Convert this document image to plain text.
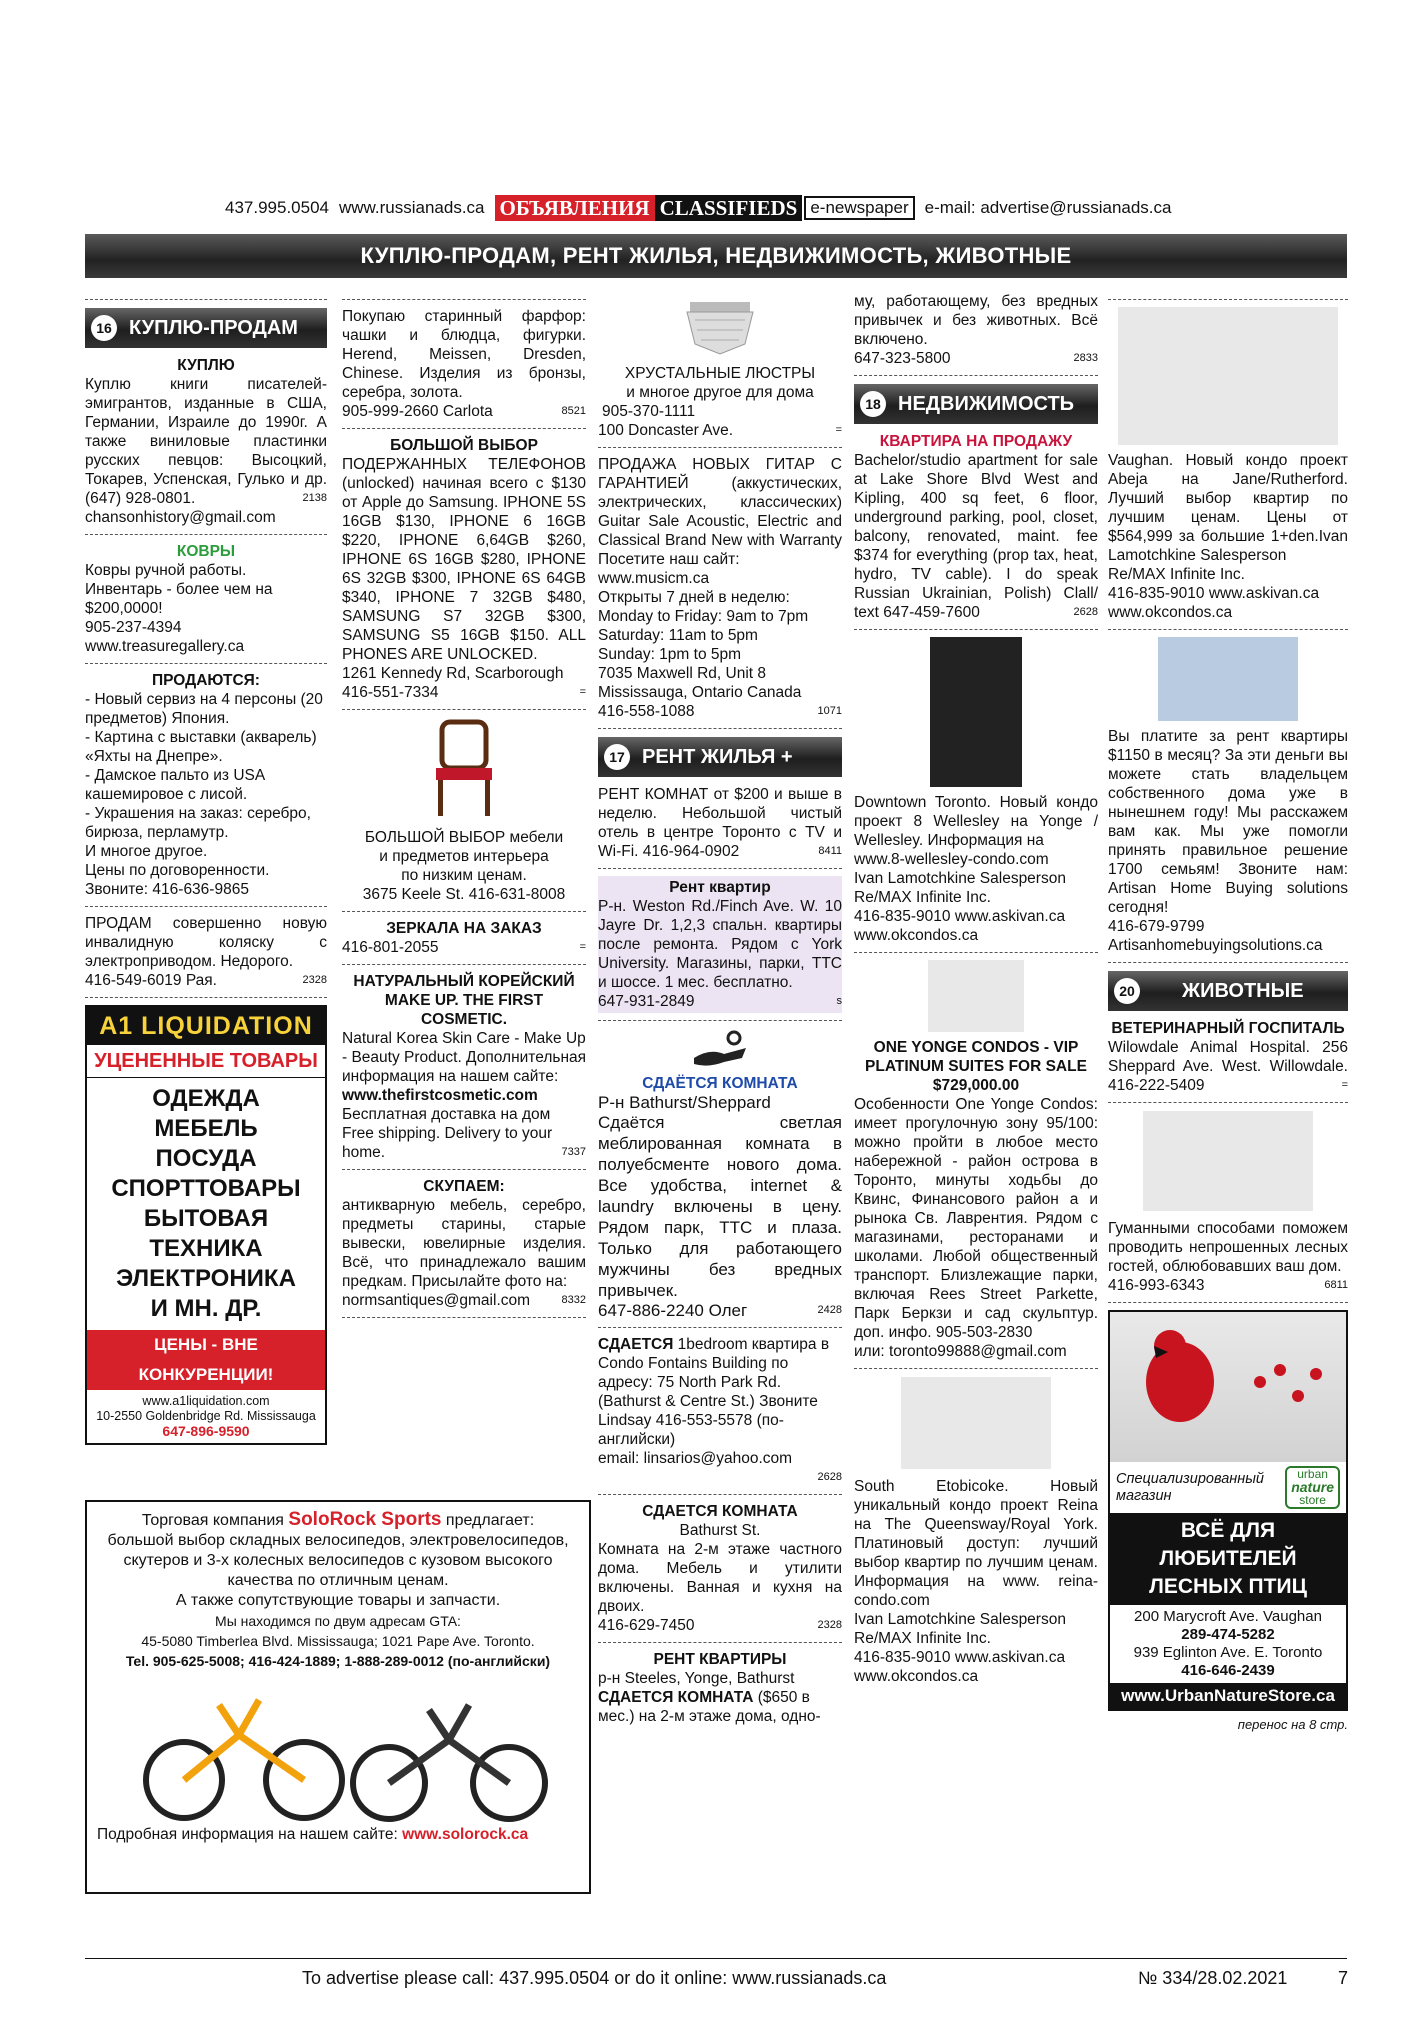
437.995.0504 www.russianads.ca ОБЪЯВЛЕНИЯ CLASSIFIEDS e-newspaper e-mail: advertise@russianads.ca
КУПЛЮ-ПРОДАМ, РЕНТ ЖИЛЬЯ, НЕДВИЖИМОСТЬ, ЖИВОТНЫЕ
16 КУПЛЮ-ПРОДАМ
КУПЛЮ
Куплю книги писателей-эмигрантов, изданные в США, Германии, Израиле до 1990г. А также виниловые пластинки русских певцов: Высоцкий, Токарев, Успенская, Гулько и др. (647) 928-0801.	2138
chansonhistory@gmail.com
КОВРЫ
Ковры ручной работы. Инвентарь - более чем на $200,0000!
905-237-4394
www.treasuregallery.ca
ПРОДАЮТСЯ:
- Новый сервиз на 4 персоны (20 предметов) Япония.
- Картина с выставки (акварель) «Яхты на Днепре».
- Дамское пальто из USA кашемировое с лисой.
- Украшения на заказ: серебро, бирюза, перламутр.
И многое другое.
Цены по договоренности.
Звоните: 416-636-9865
ПРОДАМ совершенно новую инвалидную коляску с электроприводом. Недорого.
416-549-6019 Рая.	2328
A1 LIQUIDATION
УЦЕНЕННЫЕ ТОВАРЫ
ОДЕЖДА
МЕБЕЛЬ
ПОСУДА
СПОРТТОВАРЫ
БЫТОВАЯ ТЕХНИКА
ЭЛЕКТРОНИКА
И МН. ДР.
ЦЕНЫ - ВНЕ КОНКУРЕНЦИИ!
www.a1liquidation.com
10-2550 Goldenbridge Rd. Mississauga
647-896-9590
Покупаю старинный фарфор: чашки и блюдца, фигурки. Herend, Meissen, Dresden, Chinese. Изделия из бронзы, серебра, золота.
905-999-2660 Carlota	8521
БОЛЬШОЙ ВЫБОР
ПОДЕРЖАННЫХ ТЕЛЕФОНОВ (unlocked) начиная всего с $130 от Apple до Samsung. IPHONE 5S 16GB $130, IPHONE 6 16GB $220, IPHONE 6,64GB $260, IPHONE 6S 16GB $280, IPHONE 6S 32GB $300, IPHONE 6S 64GB $340, IPHONE 7 32GB $480, SAMSUNG S7 32GB $300, SAMSUNG S5 16GB $150. ALL PHONES ARE UNLOCKED.
1261 Kennedy Rd, Scarborough
416-551-7334	=
БОЛЬШОЙ ВЫБОР мебели
и предметов интерьера
по низким ценам.
3675 Keele St. 416-631-8008
ЗЕРКАЛА НА ЗАКАЗ
416-801-2055	=
НАТУРАЛЬНЫЙ КОРЕЙСКИЙ MAKE UP. THE FIRST COSMETIC.
Natural Korea Skin Care - Make Up - Beauty Product. Дополнительная информация на нашем сайте:
www.thefirstcosmetic.com
Бесплатная доставка на дом Free shipping. Delivery to your home.	7337
СКУПАЕМ:
антикварную мебель, серебро, предметы старины, старые вывески, ювелирные изделия. Всё, что принадлежало вашим предкам. Присылайте фото на:
normsantiques@gmail.com	8332
Торговая компания SoloRock Sports предлагает:
большой выбор складных велосипедов, электровелосипедов, скутеров и 3-х колесных велосипедов с кузовом высокого качества по отличным ценам.
А также сопутствующие товары и запчасти.
Мы находимся по двум адресам GTA:
45-5080 Timberlea Blvd. Mississauga; 1021 Pape Ave. Toronto.
Tel. 905-625-5008; 416-424-1889; 1-888-289-0012 (по-английски)
Подробная информация на нашем сайте: www.solorock.ca
ХРУСТАЛЬНЫЕ ЛЮСТРЫ
и многое другое для дома
905-370-1111
100 Doncaster Ave.	=
ПРОДАЖА НОВЫХ ГИТАР С ГАРАНТИЕЙ (аккустических, электрических, классических) Guitar Sale Acoustic, Electric and Classical Brand New with Warranty Посетите наш сайт:
www.musicm.ca
Открыты 7 дней в неделю:
Monday to Friday: 9am to 7pm
Saturday: 11am to 5pm
Sunday: 1pm to 5pm
7035 Maxwell Rd, Unit 8
Mississauga, Ontario Canada
416-558-1088	1071
17 РЕНТ ЖИЛЬЯ +
РЕНТ КОМНАТ от $200 и выше в неделю. Небольшой чистый отель в центре Торонто с TV и Wi-Fi. 416-964-0902	8411
Рент квартир
Р-н. Weston Rd./Finch Ave. W. 10 Jayre Dr. 1,2,3 спальн. квартиры после ремонта. Рядом с York University. Магазины, парки, TTC и шоссе. 1 мес. бесплатно.
647-931-2849	s
СДАЁТСЯ КОМНАТА
Р-н Bathurst/Sheppard
Сдаётся светлая меблированная комната в полуебсменте нового дома. Все удобства, internet & laundry включены в цену. Рядом парк, TTC и плаза. Только для работающего мужчины без вредных привычек.
647-886-2240 Олег	2428
СДАЕТСЯ 1bedroom квартира в Condo Fontains Building по адресу: 75 North Park Rd. (Bathurst & Centre St.) Звоните Lindsay 416-553-5578 (по-английски)
email: linsarios@yahoo.com
2628
СДАЕТСЯ КОМНАТА
Bathurst St.
Комната на 2-м этаже частного дома. Мебель и утилити включены. Ванная и кухня на двоих.
416-629-7450	2328
РЕНТ КВАРТИРЫ
р-н Steeles, Yonge, Bathurst
СДАЕТСЯ КОМНАТА ($650 в мес.) на 2-м этаже дома, одно-
му, работающему, без вредных привычек и без животных. Всё включено.
647-323-5800	2833
18 НЕДВИЖИМОСТЬ
КВАРТИРА НА ПРОДАЖУ
Bachelor/studio apartment for sale at Lake Shore Blvd West and Kipling, 400 sq feet, 6 floor, underground parking, pool, closet, balcony, renovated, maint. fee $374 for everything (prop tax, heat, hydro, TV cable). I do speak Russian Ukrainian, Polish) Clall/ text 647-459-7600	2628
Downtown Toronto. Новый кондо проект 8 Wellesley на Yonge / Wellesley. Информация на
www.8-wellesley-condo.com
Ivan Lamotchkine Salesperson
Re/MAX Infinite Inc.
416-835-9010 www.askivan.ca
www.okcondos.ca
ONE YONGE CONDOS - VIP PLATINUM SUITES FOR SALE
$729,000.00
Особенности One Yonge Condos: имеет прогулочную зону 95/100: можно пройти в любое место набережной - район острова в Торонто, минуты ходьбы до Квинс, Финансового район а и рынока Св. Лаврентия. Рядом с магазинами, ресторанами и школами. Любой общественный транспорт. Близлежащие парки, включая Rees Street Parkette, Парк Беркзи и сад скульптур. доп. инфо. 905-503-2830
или: toronto99888@gmail.com
South Etobicoke. Новый уникальный кондо проект Reina на The Queensway/Royal York. Платиновый доступ: лучший выбор квартир по лучшим ценам. Информация на www. reina-condo.com
Ivan Lamotchkine Salesperson
Re/MAX Infinite Inc.
416-835-9010 www.askivan.ca
www.okcondos.ca
Vaughan. Новый кондо проект Abeja на Jane/Rutherford. Лучший выбор квартир по лучшим ценам. Цены от $564,999 за большие 1+den.Ivan Lamotchkine Salesperson
Re/MAX Infinite Inc.
416-835-9010 www.askivan.ca
www.okcondos.ca
Вы платите за рент квартиры $1150 в месяц? За эти деньги вы можете стать владельцем собственного дома уже в нынешнем году! Мы расскажем вам как. Мы уже помогли принять правильное решение 1700 семьям! Звоните нам: Artisan Home Buying solutions сегодня!
416-679-9799
Artisanhomebuyingsolutions.ca
20 ЖИВОТНЫЕ
ВЕТЕРИНАРНЫЙ ГОСПИТАЛЬ
Wilowdale Animal Hospital. 256 Sheppard Ave. West. Willowdale. 416-222-5409	=
Гуманными способами поможем проводить непрошенных лесных гостей, облюбовавших ваш дом.
416-993-6343	6811
Специализированный магазин
urban
nature
store
ВСЁ ДЛЯ ЛЮБИТЕЛЕЙ ЛЕСНЫХ ПТИЦ
200 Marycroft Ave. Vaughan
289-474-5282
939 Eglinton Ave. E. Toronto
416-646-2439
www.UrbanNatureStore.ca
перенос на 8 стр.
To advertise please call: 437.995.0504 or do it online: www.russianads.ca	№ 334/28.02.2021	7
